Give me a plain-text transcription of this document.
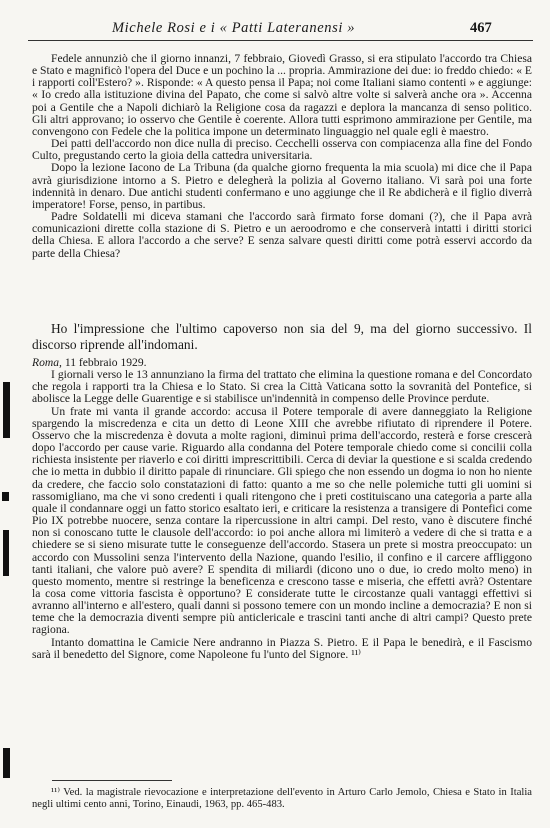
Michele Rosi e i « Patti Lateranensi »	467

Fedele annunziò che il giorno innanzi, 7 febbraio, Giovedì Grasso, si era stipulato l'accordo tra Chiesa e Stato e magnificò l'opera del Duce e un pochino la ... propria. Ammirazione dei due: io freddo chiedo: « E i rapporti coll'Estero? ». Risponde: « A questo pensa il Papa; noi come Italiani siamo contenti » e aggiunge: « Io credo alla istituzione divina del Papato, che come si salvò altre volte si salverà anche ora ». Accenna poi a Gentile che a Napoli dichiarò la Religione cosa da ragazzi e deplora la mancanza di senso politico. Gli altri approvano; io osservo che Gentile è coerente. Allora tutti esprimono ammirazione per Gentile, ma convengono con Fedele che la politica impone un determinato linguaggio nel quale egli è maestro.

Dei patti dell'accordo non dice nulla di preciso. Cecchelli osserva con compiacenza alla fine del Fondo Culto, pregustando certo la gioia della cattedra universitaria.

Dopo la lezione Iacono de La Tribuna (da qualche giorno frequenta la mia scuola) mi dice che il Papa avrà giurisdizione intorno a S. Pietro e delegherà la polizia al Governo italiano. Vi sarà poi una forte indennità in denaro. Due antichi studenti confermano e uno aggiunge che il Re abdicherà e il figlio diverrà imperatore! Forse, penso, in partibus.

Padre Soldatelli mi diceva stamani che l'accordo sarà firmato forse domani (?), che il Papa avrà comunicazioni dirette colla stazione di S. Pietro e un aeroodromo e che conserverà intatti i diritti storici della Chiesa. E allora l'accordo a che serve? E senza salvare questi diritti come potrà esservi accordo da parte della Chiesa?

Ho l'impressione che l'ultimo capoverso non sia del 9, ma del giorno successivo. Il discorso riprende all'indomani.

Roma, 11 febbraio 1929.

I giornali verso le 13 annunziano la firma del trattato che elimina la questione romana e del Concordato che regola i rapporti tra la Chiesa e lo Stato. Si crea la Città Vaticana sotto la sovranità del Pontefice, si abolisce la Legge delle Guarentige e si stabilisce un'indennità in compenso delle Province perdute.

Un frate mi vanta il grande accordo: accusa il Potere temporale di avere danneggiato la Religione spargendo la miscredenza e cita un detto di Leone XIII che avrebbe rifiutato di riprendere il Potere. Osservo che la miscredenza è dovuta a molte ragioni, diminuì prima dell'accordo, resterà e forse crescerà dopo l'accordo per cause varie. Riguardo alla condanna del Potere temporale chiedo come si concilii colla richiesta insistente per riaverlo e coi diritti imprescrittibili. Cerca di deviar la questione e si scalda credendo che io metta in dubbio il diritto papale di rinunciare. Gli spiego che non essendo un dogma io non ho niente da credere, che faccio solo constatazioni di fatto: quanto a me so che nelle polemiche tutti gli uomini si rassomigliano, ma che vi sono credenti i quali ritengono che i preti costituiscano una categoria a parte alla quale il condannare oggi un fatto storico esaltato ieri, e criticare la resistenza a transigere di Pontefici come Pio IX potrebbe nuocere, senza contare la ripercussione in altri campi. Del resto, vano è discutere finché non si conoscano tutte le clausole dell'accordo: io poi anche allora mi limiterò a vedere di che si tratta e a chiedere se si sieno misurate tutte le conseguenze dell'accordo. Stasera un prete si mostra preoccupato: un accordo con Mussolini senza l'intervento della Nazione, quando l'esilio, il confino e il carcere affliggono tanti italiani, che valore può avere? E spendita di miliardi (dicono uno o due, io credo molto meno) in questo momento, mentre si restringe la beneficenza e crescono tasse e miseria, che effetti avrà? Ostentare la cosa come vittoria fascista è opportuno? E considerate tutte le circostanze quali vantaggi effettivi si avranno all'interno e all'estero, quali danni si possono temere con un mondo incline a democrazia? E non si teme che la democrazia diventi sempre più anticlericale e trascini tanti anche di altri campi? Questo prete ragiona.

Intanto domattina le Camicie Nere andranno in Piazza S. Pietro. E il Papa le benedirà, e il Fascismo sarà il benedetto del Signore, come Napoleone fu l'unto del Signore. ¹¹⁾

¹¹⁾ Ved. la magistrale rievocazione e interpretazione dell'evento in Arturo Carlo Jemolo, Chiesa e Stato in Italia negli ultimi cento anni, Torino, Einaudi, 1963, pp. 465-483.
